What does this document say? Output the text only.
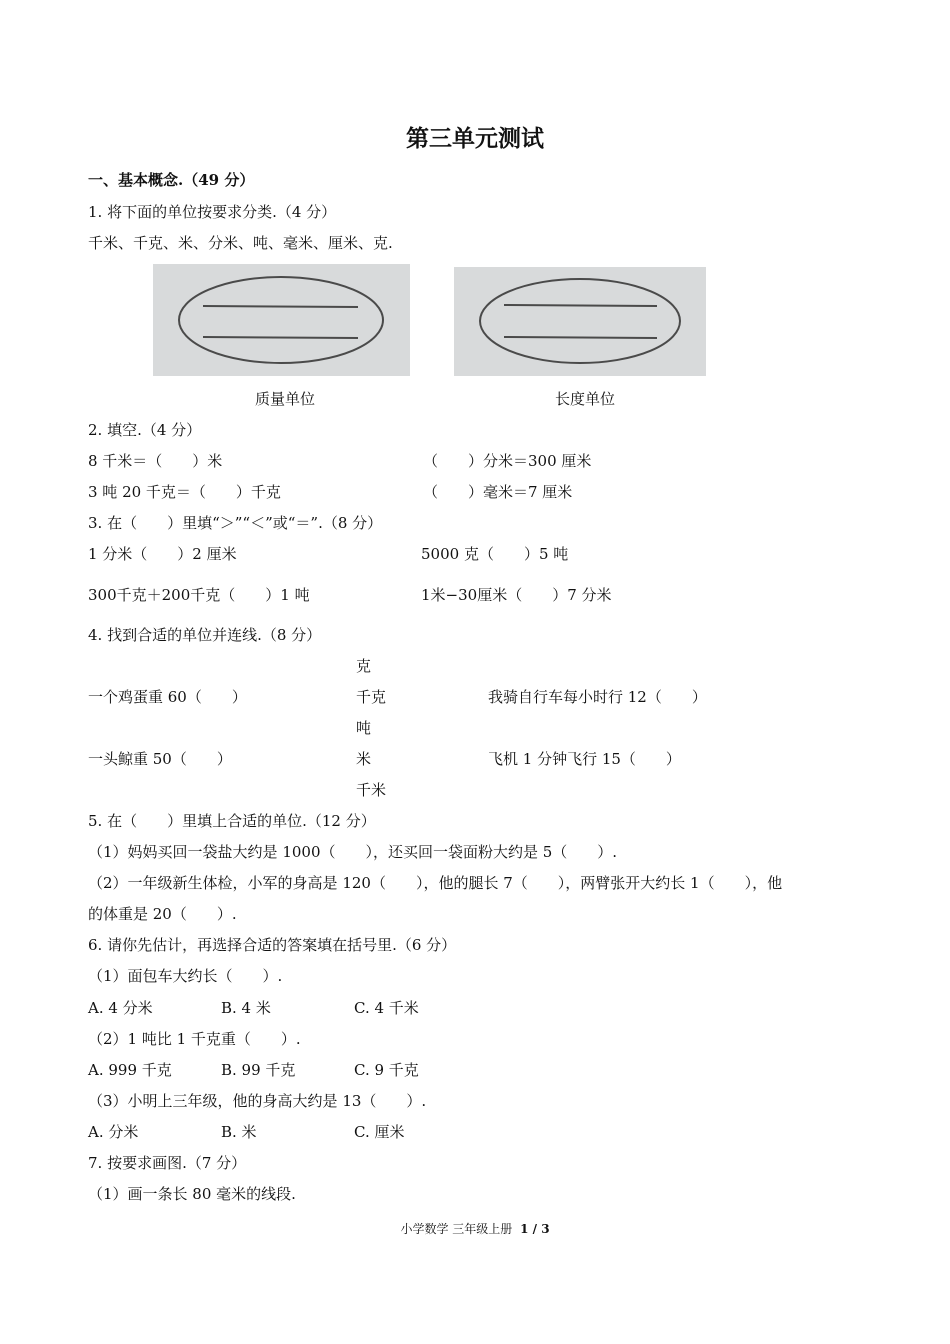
第三单元测试
一、基本概念.（49 分）
1. 将下面的单位按要求分类.（4 分）
千米、千克、米、分米、吨、毫米、厘米、克.
质量单位	长度单位
2. 填空.（4 分）
8 千米＝（　　）米	（　　）分米＝300 厘米
3 吨 20 千克＝（　　）千克	（　　）毫米＝7 厘米
3. 在（　　）里填“＞”“＜”或“＝”.（8 分）
1 分米（　　）2 厘米	5000 克（　　）5 吨
300千克＋200千克（　　）1 吨	1米−30厘米（　　）7 分米
4. 找到合适的单位并连线.（8 分）
克
千克
吨
米
千米
一个鸡蛋重 60（　　）
一头鲸重 50（　　）
我骑自行车每小时行 12（　　）
飞机 1 分钟飞行 15（　　）
5. 在（　　）里填上合适的单位.（12 分）
（1）妈妈买回一袋盐大约是 1000（　　），还买回一袋面粉大约是 5（　　）.
（2）一年级新生体检，小军的身高是 120（　　），他的腿长 7（　　），两臂张开大约长 1（　　），他
的体重是 20（　　）.
6. 请你先估计，再选择合适的答案填在括号里.（6 分）
（1）面包车大约长（　　）.
A. 4 分米	B. 4 米	C. 4 千米
（2）1 吨比 1 千克重（　　）.
A. 999 千克	B. 99 千克	C. 9 千克
（3）小明上三年级，他的身高大约是 13（　　）.
A. 分米	B. 米	C. 厘米
7. 按要求画图.（7 分）
（1）画一条长 80 毫米的线段.
小学数学 三年级上册 1 / 3
